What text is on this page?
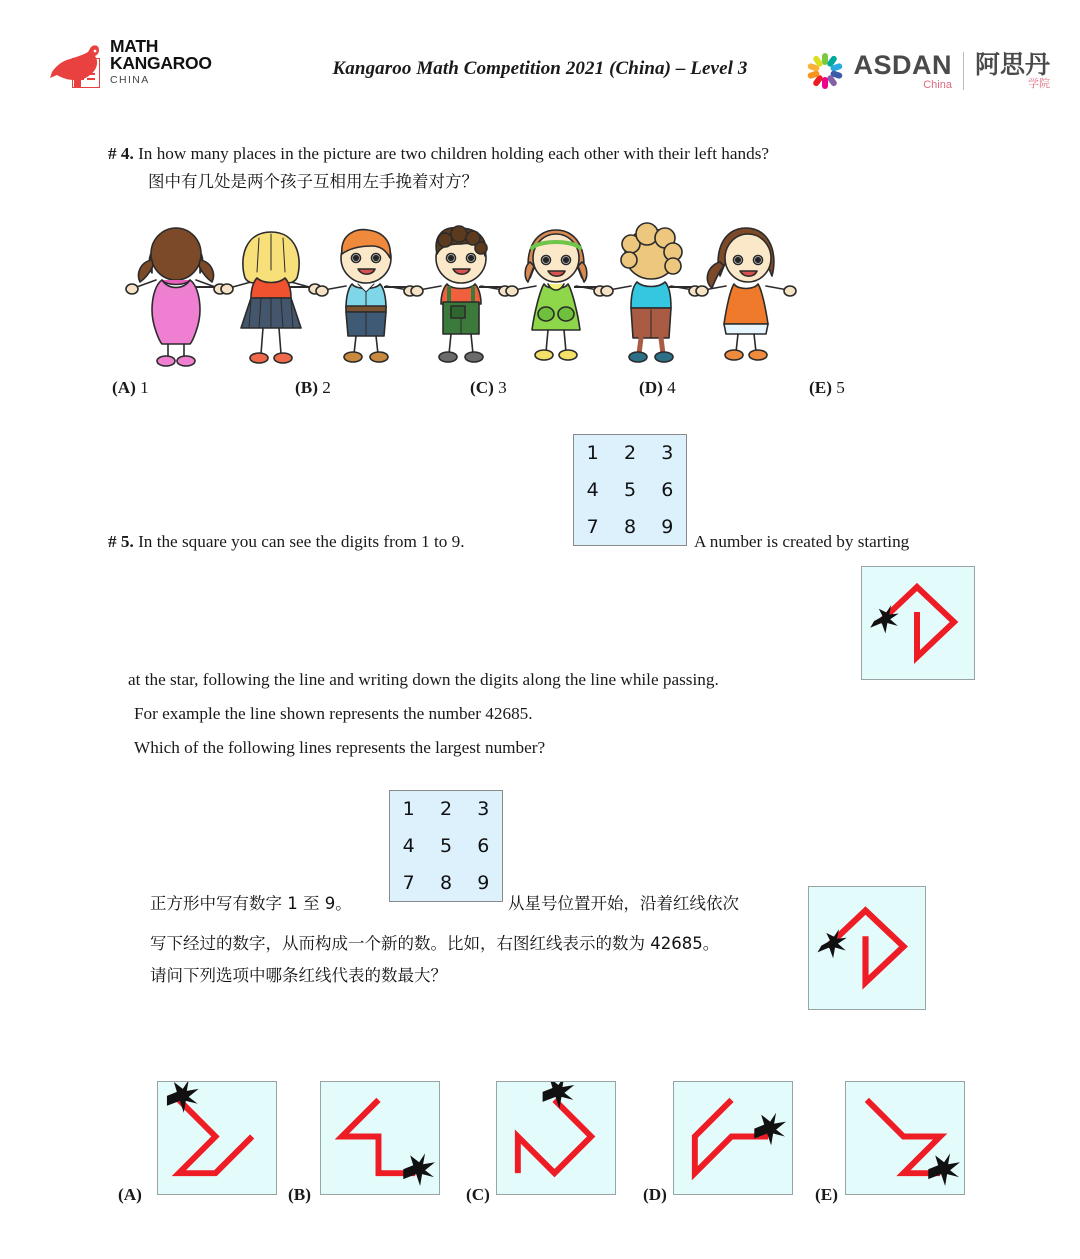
MATH
KANGAROO
CHINA
Kangaroo Math Competition 2021 (China) – Level 3	ASDAN
China
阿思丹
学院
# 4. In how many places in the picture are two children holding each other with their left hands?
图中有几处是两个孩子互相用左手挽着对方？
(A) 1	(B) 2	(C) 3	(D) 4	(E) 5
1	2	3
4	5	6
7	8	9
# 5. In the square you can see the digits from 1 to 9.	A number is created by starting
at the star, following the line and writing down the digits along the line while passing.
For example the line shown represents the number 42685.
Which of the following lines represents the largest number?
1	2	3
4	5	6
7	8	9
正方形中写有数字 1 至 9。	从星号位置开始，沿着红线依次
写下经过的数字，从而构成一个新的数。比如，右图红线表示的数为 42685。
请问下列选项中哪条红线代表的数最大？
(A)	(B)	(C)	(D)	(E)
